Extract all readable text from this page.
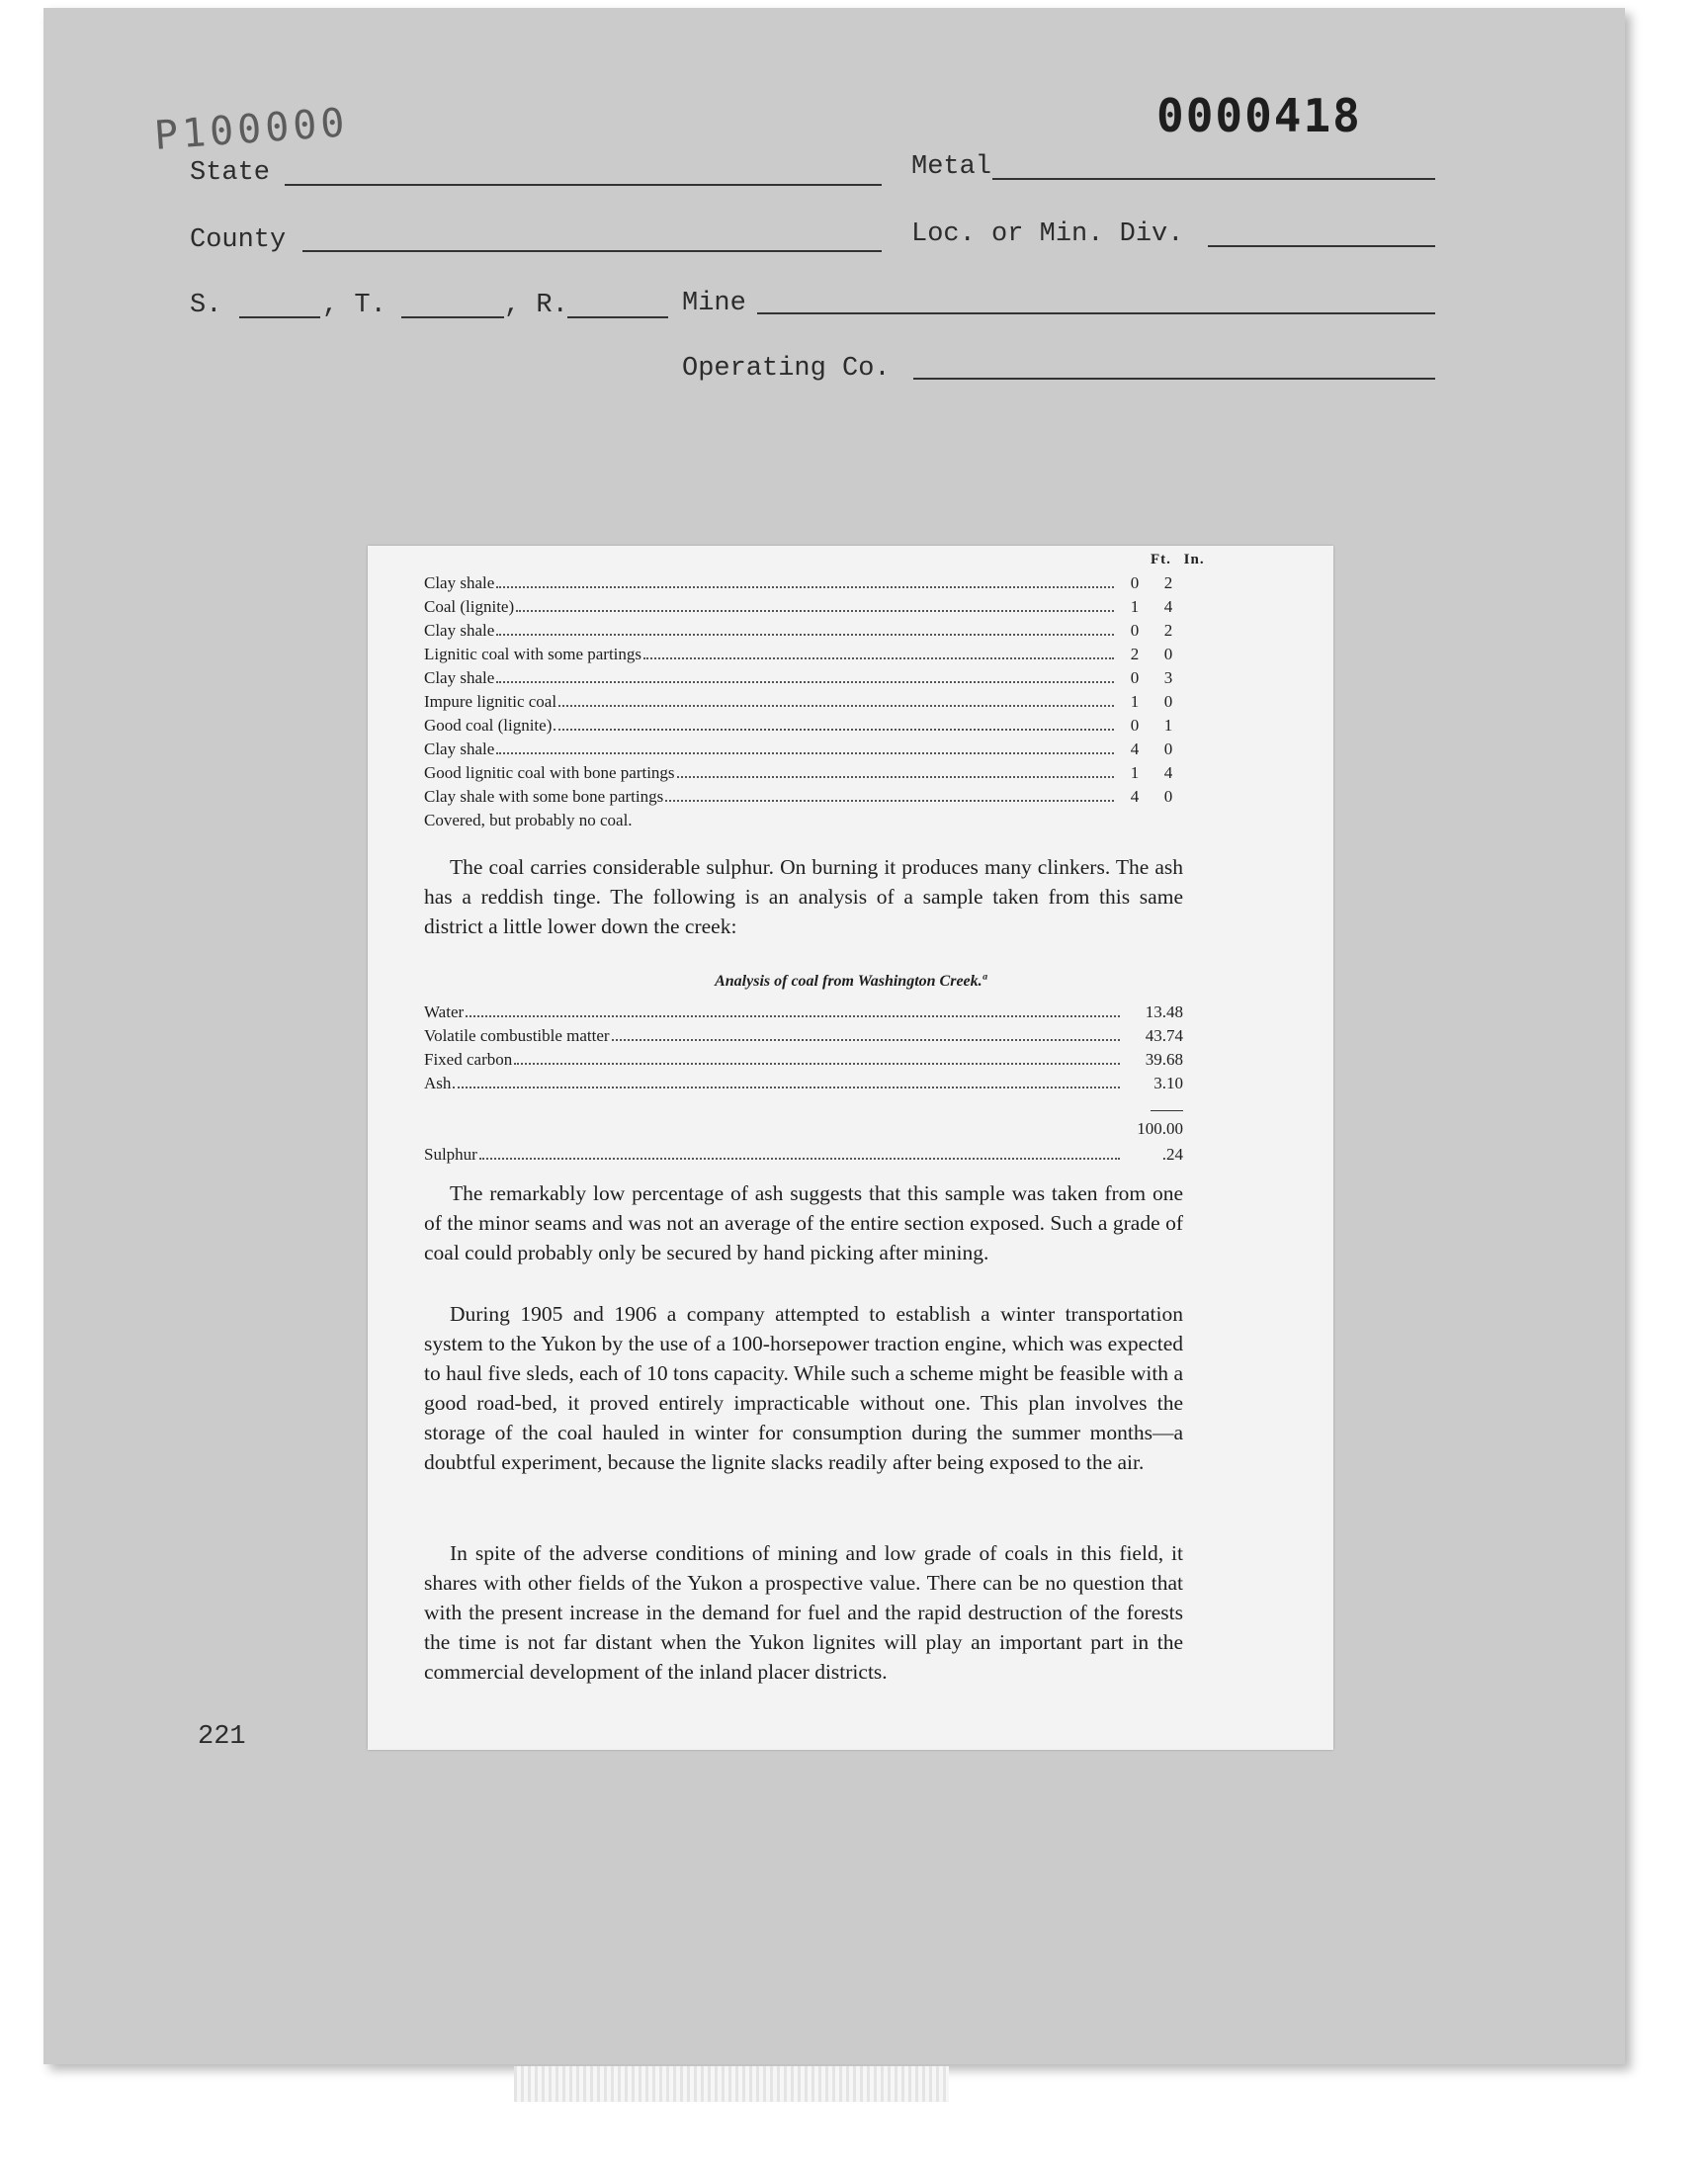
P100000	0000418
State	Metal
County	Loc. or Min. Div.
S.	, T.	, R.	Mine
Operating Co.
221
Ft. In.
Clay shale	0	2
Coal (lignite)	1	4
Clay shale	0	2
Lignitic coal with some partings	2	0
Clay shale	0	3
Impure lignitic coal	1	0
Good coal (lignite)	0	1
Clay shale	4	0
Good lignitic coal with bone partings	1	4
Clay shale with some bone partings	4	0
Covered, but probably no coal.

The coal carries considerable sulphur. On burning it produces many clinkers. The ash has a reddish tinge. The following is an analysis of a sample taken from this same district a little lower down the creek:

Analysis of coal from Washington Creek.ª
Water	13.48
Volatile combustible matter	43.74
Fixed carbon	39.68
Ash	3.10
100.00
Sulphur	.24

The remarkably low percentage of ash suggests that this sample was taken from one of the minor seams and was not an average of the entire section exposed. Such a grade of coal could probably only be secured by hand picking after mining.

During 1905 and 1906 a company attempted to establish a winter transportation system to the Yukon by the use of a 100-horsepower traction engine, which was expected to haul five sleds, each of 10 tons capacity. While such a scheme might be feasible with a good road-bed, it proved entirely impracticable without one. This plan involves the storage of the coal hauled in winter for consumption during the summer months—a doubtful experiment, because the lignite slacks readily after being exposed to the air.

In spite of the adverse conditions of mining and low grade of coals in this field, it shares with other fields of the Yukon a prospective value. There can be no question that with the present increase in the demand for fuel and the rapid destruction of the forests the time is not far distant when the Yukon lignites will play an important part in the commercial development of the inland placer districts.
